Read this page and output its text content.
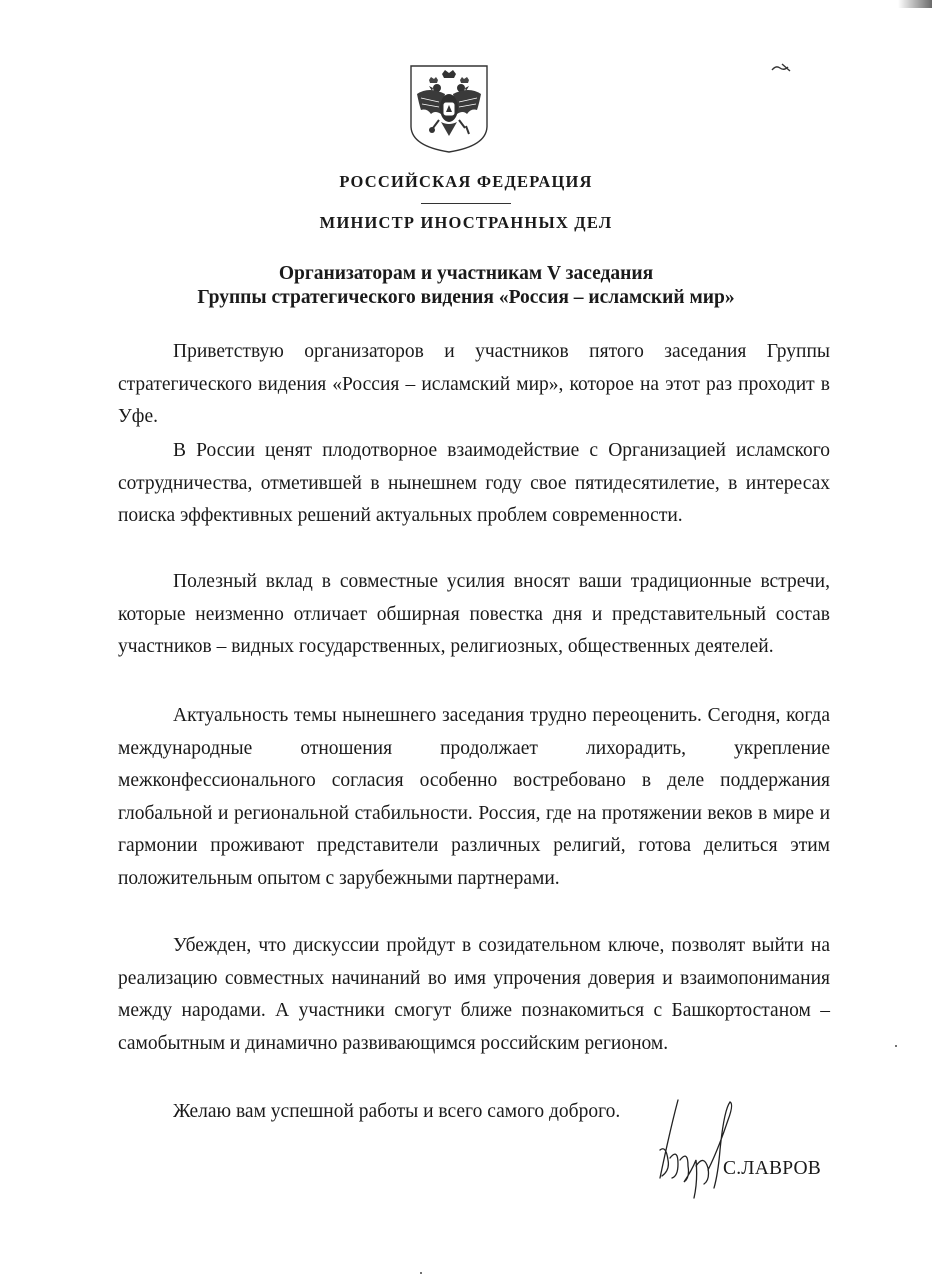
РОССИЙСКАЯ ФЕДЕРАЦИЯ
МИНИСТР ИНОСТРАННЫХ ДЕЛ
Организаторам и участникам V заседания
Группы стратегического видения «Россия – исламский мир»

Приветствую организаторов и участников пятого заседания Группы стратегического видения «Россия – исламский мир», которое на этот раз проходит в Уфе.

В России ценят плодотворное взаимодействие с Организацией исламского сотрудничества, отметившей в нынешнем году свое пятидесятилетие, в интересах поиска эффективных решений актуальных проблем современности.

Полезный вклад в совместные усилия вносят ваши традиционные встречи, которые неизменно отличает обширная повестка дня и представительный состав участников – видных государственных, религиозных, общественных деятелей.

Актуальность темы нынешнего заседания трудно переоценить. Сегодня, когда международные отношения продолжает лихорадить, укрепление межконфессионального согласия особенно востребовано в деле поддержания глобальной и региональной стабильности. Россия, где на протяжении веков в мире и гармонии проживают представители различных религий, готова делиться этим положительным опытом с зарубежными партнерами.

Убежден, что дискуссии пройдут в созидательном ключе, позволят выйти на реализацию совместных начинаний во имя упрочения доверия и взаимопонимания между народами. А участники смогут ближе познакомиться с Башкортостаном – самобытным и динамично развивающимся российским регионом.

Желаю вам успешной работы и всего самого доброго.

С.ЛАВРОВ
